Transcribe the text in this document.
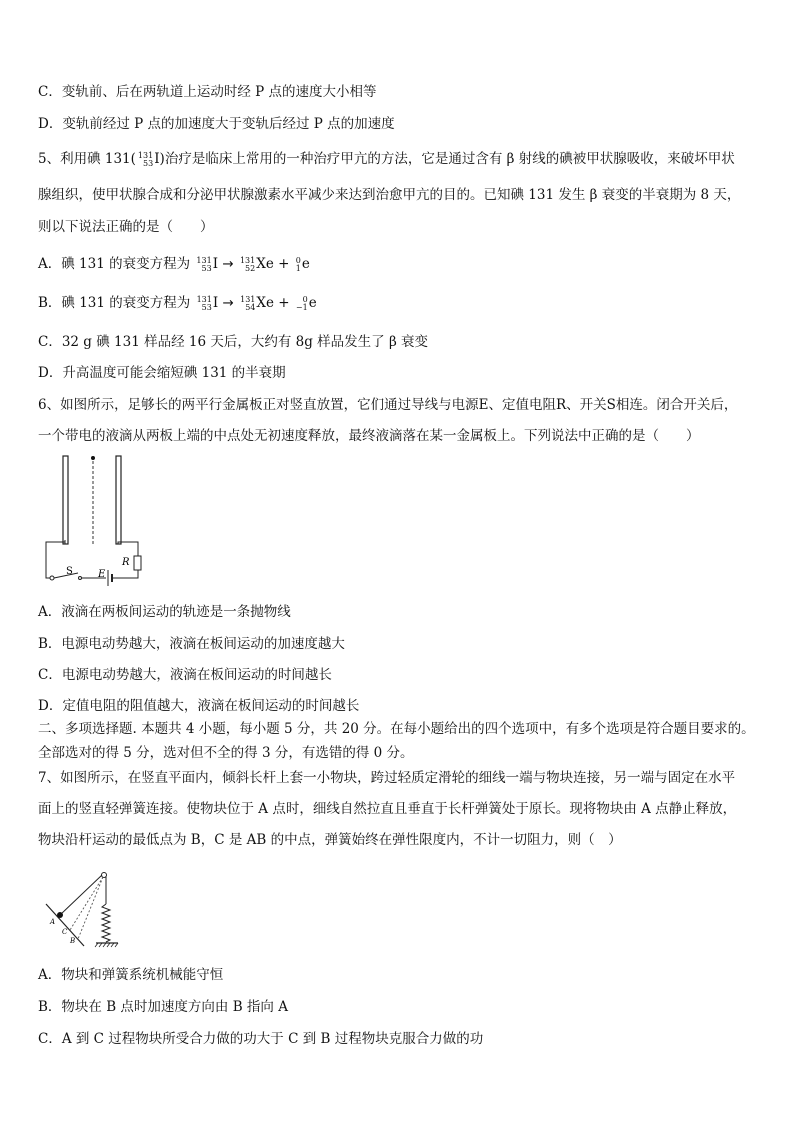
C．变轨前、后在两轨道上运动时经 P 点的速度大小相等
D．变轨前经过 P 点的加速度大于变轨后经过 P 点的加速度
5、利用碘 131( 131
53 I)治疗是临床上常用的一种治疗甲亢的方法，它是通过含有 β 射线的碘被甲状腺吸收，来破坏甲状
腺组织，使甲状腺合成和分泌甲状腺激素水平减少来达到治愈甲亢的目的。已知碘 131 发生 β 衰变的半衰期为 8 天，
则以下说法正确的是（　　）
A．碘 131 的衰变方程为 131
53 I → 131
52 Xe + 0
1 e
B．碘 131 的衰变方程为 131
53 I → 131
54 Xe +	0
−1 e
C．32 g 碘 131 样品经 16 天后，大约有 8g 样品发生了 β 衰变
D．升高温度可能会缩短碘 131 的半衰期
6、如图所示，足够长的两平行金属板正对竖直放置，它们通过导线与电源E、定值电阻R、开关S相连。闭合开关后，
一个带电的液滴从两板上端的中点处无初速度释放，最终液滴落在某一金属板上。下列说法中正确的是（　　）
S	E
R
A．液滴在两板间运动的轨迹是一条抛物线
B．电源电动势越大，液滴在板间运动的加速度越大
C．电源电动势越大，液滴在板间运动的时间越长
D．定值电阻的阻值越大，液滴在板间运动的时间越长
二、多项选择题. 本题共 4 小题，每小题 5 分，共 20 分。在每小题给出的四个选项中，有多个选项是符合题目要求的。
全部选对的得 5 分，选对但不全的得 3 分，有选错的得 0 分。
7、如图所示，在竖直平面内，倾斜长杆上套一小物块，跨过轻质定滑轮的细线一端与物块连接，另一端与固定在水平
面上的竖直轻弹簧连接。使物块位于 A 点时，细线自然拉直且垂直于长杆弹簧处于原长。现将物块由 A 点静止释放，
物块沿杆运动的最低点为 B，C 是 AB 的中点，弹簧始终在弹性限度内，不计一切阻力，则（　）
A
C
B
A．物块和弹簧系统机械能守恒
B．物块在 B 点时加速度方向由 B 指向 A
C．A 到 C 过程物块所受合力做的功大于 C 到 B 过程物块克服合力做的功
